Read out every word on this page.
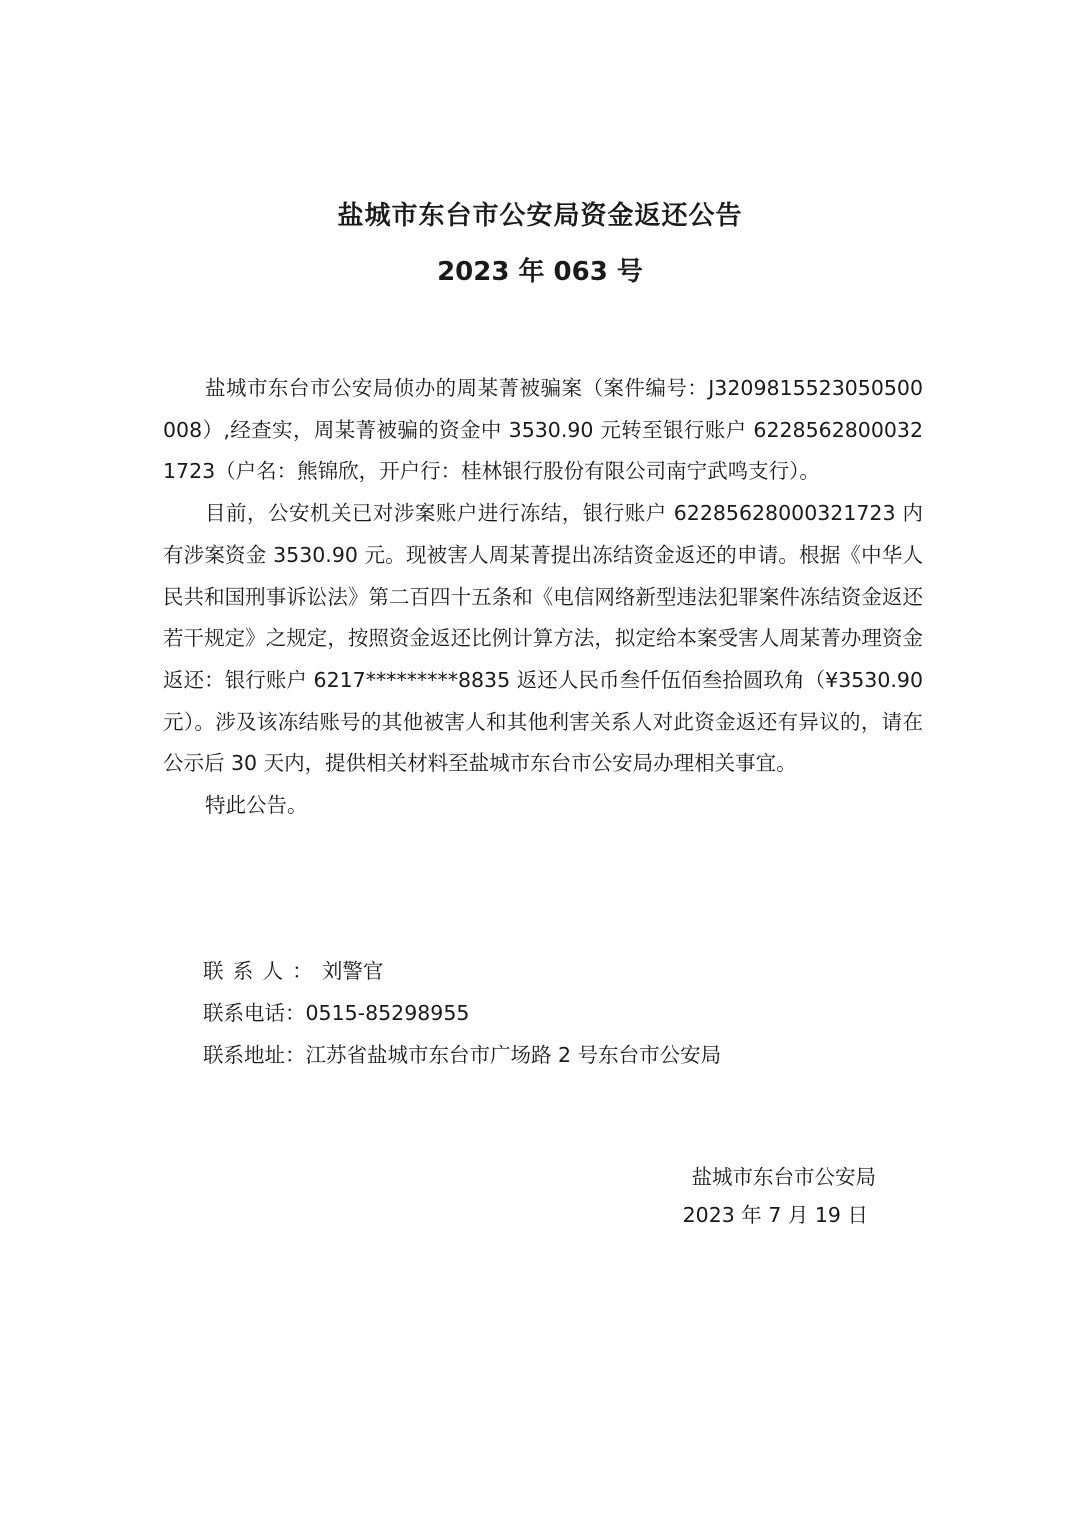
盐城市东台市公安局资金返还公告
2023 年 063 号

盐城市东台市公安局侦办的周某菁被骗案（案件编号：J3209815523050500008）,经查实，周某菁被骗的资金中 3530.90 元转至银行账户 62285628000321723（户名：熊锦欣，开户行：桂林银行股份有限公司南宁武鸣支行）。

目前，公安机关已对涉案账户进行冻结，银行账户 62285628000321723 内有涉案资金 3530.90 元。现被害人周某菁提出冻结资金返还的申请。根据《中华人民共和国刑事诉讼法》第二百四十五条和《电信网络新型违法犯罪案件冻结资金返还若干规定》之规定，按照资金返还比例计算方法，拟定给本案受害人周某菁办理资金返还：银行账户 6217*********8835 返还人民币叁仟伍佰叁拾圆玖角（¥3530.90 元）。涉及该冻结账号的其他被害人和其他利害关系人对此资金返还有异议的，请在公示后 30 天内，提供相关材料至盐城市东台市公安局办理相关事宜。

特此公告。

联系人：刘警官
联系电话：0515-85298955
联系地址：江苏省盐城市东台市广场路 2 号东台市公安局
盐城市东台市公安局
2023 年 7 月 19 日
